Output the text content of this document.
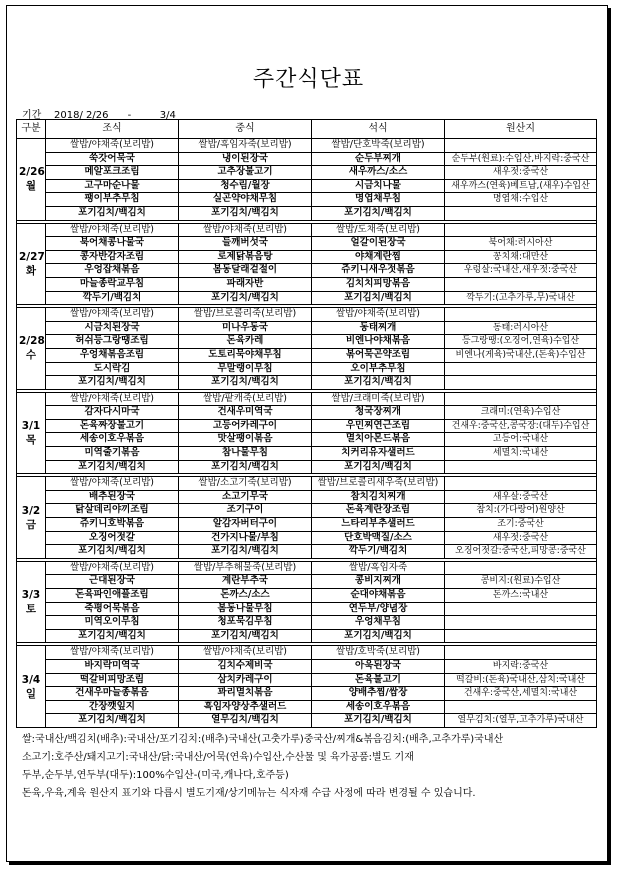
주간식단표
기간 2018/ 2/26 -	3/4
구분	조식	중식	석식	원산지

2/26
월	쌀밥/야채죽(보리밥)	쌀밥/흑임자죽(보리밥)	쌀밥/단호박죽(보리밥)	
	쑥갓어묵국	냉이된장국	순두부찌개	순두부(원료):수입산,바지락:중국산
	메알포크조림	고추장불고기	새우까스/소스	새우젓:중국산
	고구마순나물	청수림/월장	시금치나물	새우까스(연육)베트남,(새우)수입산
	팽이부추무침	실곤약야채무침	명엽채무침	명엽채:수입산
	포기김치/백김치	포기김치/백김치	포기김치/백김치	

2/27
화	쌀밥/야채죽(보리밥)	쌀밥/야채죽(보리밥)	쌀밥/도채죽(보리밥)	
	북어채콩나물국	들깨버섯국	얼갈이된장국	북어채:러시아산
	콩자반감자조림	로제닭볶음탕	야채계란찜	꽁치채:대만산
	우엉잡채볶음	봄동달래겉절이	쥬키니새우젓볶음	우렁살:국내산,새우젓:중국산
	마늘종락교무침	파래자반	김치치피망볶음	
	깍두기/백김치	포기김치/백김치	포기김치/백김치	깍두기:(고추가루,무)국내산

2/28
수	쌀밥/야채죽(보리밥)	쌀밥/브로콜리죽(보리밥)	쌀밥/야채죽(보리밥)	
	시금치된장국	미나우동국	동태찌개	동태:러시아산
	허쉬등그랑땡조림	돈육카레	비엔나야채볶음	등그랑땡:(오징어,연육)수입산
	우엉채볶음조림	도토리묵야채무침	볶어묵곤약조림	비엔나(게육)국내산,(돈육)수입산
	도시락김	무말랭이무침	오이부추무침	
	포기김치/백김치	포기김치/백김치	포기김치/백김치	

3/1
목	쌀밥/야채죽(보리밥)	쌀밥/팥캐죽(보리밥)	쌀밥/크래미죽(보리밥)	
	감자다시마국	건새우미역국	청국장찌개	크래미:(연육)수입산
	돈육짜장불고기	고등어카레구이	우민찌연근조림	건새우:중국산,콩국장:(대두)수입산
	세송이호우볶음	맛살팽이볶음	멸치아몬드볶음	고등어:국내산
	미역줄기볶음	참나물무침	치커리유자샐러드	세멸치:국내산
	포기김치/백김치	포기김치/백김치	포기김치/백김치	

3/2
금	쌀밥/야채죽(보리밥)	쌀밥/소고기죽(보리밥)	쌀밥/브로콜리새우죽(보리밥)	
	배추된장국	소고기무국	참치김치찌개	새우살:중국산
	닭살데리야끼조림	조기구이	돈육계란장조림	참치:(가다랑어)원양산
	쥬키니호박볶음	알감자버터구이	느타리부추샐러드	조기:중국산
	오징어젓갈	건가지나물/부침	단호박맥질/소스	새우젓:중국산
	포기김치/백김치	포기김치/백김치	깍두기/백김치	오징어젓갈:중국산,피망콩:중국산

3/3
토	쌀밥/야채죽(보리밥)	쌀밥/부추해물죽(보리밥)	쌀밥/흑임자죽	
	근대된장국	계란부추국	콩비지찌개	콩비지:(원료)수입산
	돈육파인애플조림	돈까스/소스	순대야채볶음	돈까스:국내산
	죽평어묵볶음	봄동나물무침	연두부/양념장	
	미역오이무침	청포묵김무침	우엉채무침	
	포기김치/백김치	포기김치/백김치	포기김치/백김치	

3/4
일	쌀밥/야채죽(보리밥)	쌀밥/야채죽(보리밥)	쌀밥/호박죽(보리밥)	
	바지락미역국	김치수제비국	아욱된장국	바지락:중국산
	떡갈비피망조림	삼치카레구이	돈육불고기	떡갈비:(돈육)국내산,삼치:국내산
	건새우마늘종볶음	꽈리멸치볶음	양배추찜/쌈장	건새우:중국산,세멸치:국내산
	간장깻잎지	흑임자양상추샐러드	세송이호우볶음	
	포기김치/백김치	열무김치/백김치	포기김치/백김치	열무김치:(열무,고추가루)국내산
쌀:국내산/백김치(배추):국내산/포기김치:(배추)국내산(고춧가루)중국산/찌개&볶음김치:(배추,고추가루)국내산
소고기:호주산/돼지고기:국내산/닭:국내산/어묵(연육)수입산,수산물 및 육가공품:별도 기재
두부,순두부,연두부(대두):100%수입산-(미국,캐나다,호주등)
돈육,우육,계육 원산지 표기와 다릅시 별도기재/상기메뉴는 식자재 수급 사정에 따라 변경될 수 있습니다.
